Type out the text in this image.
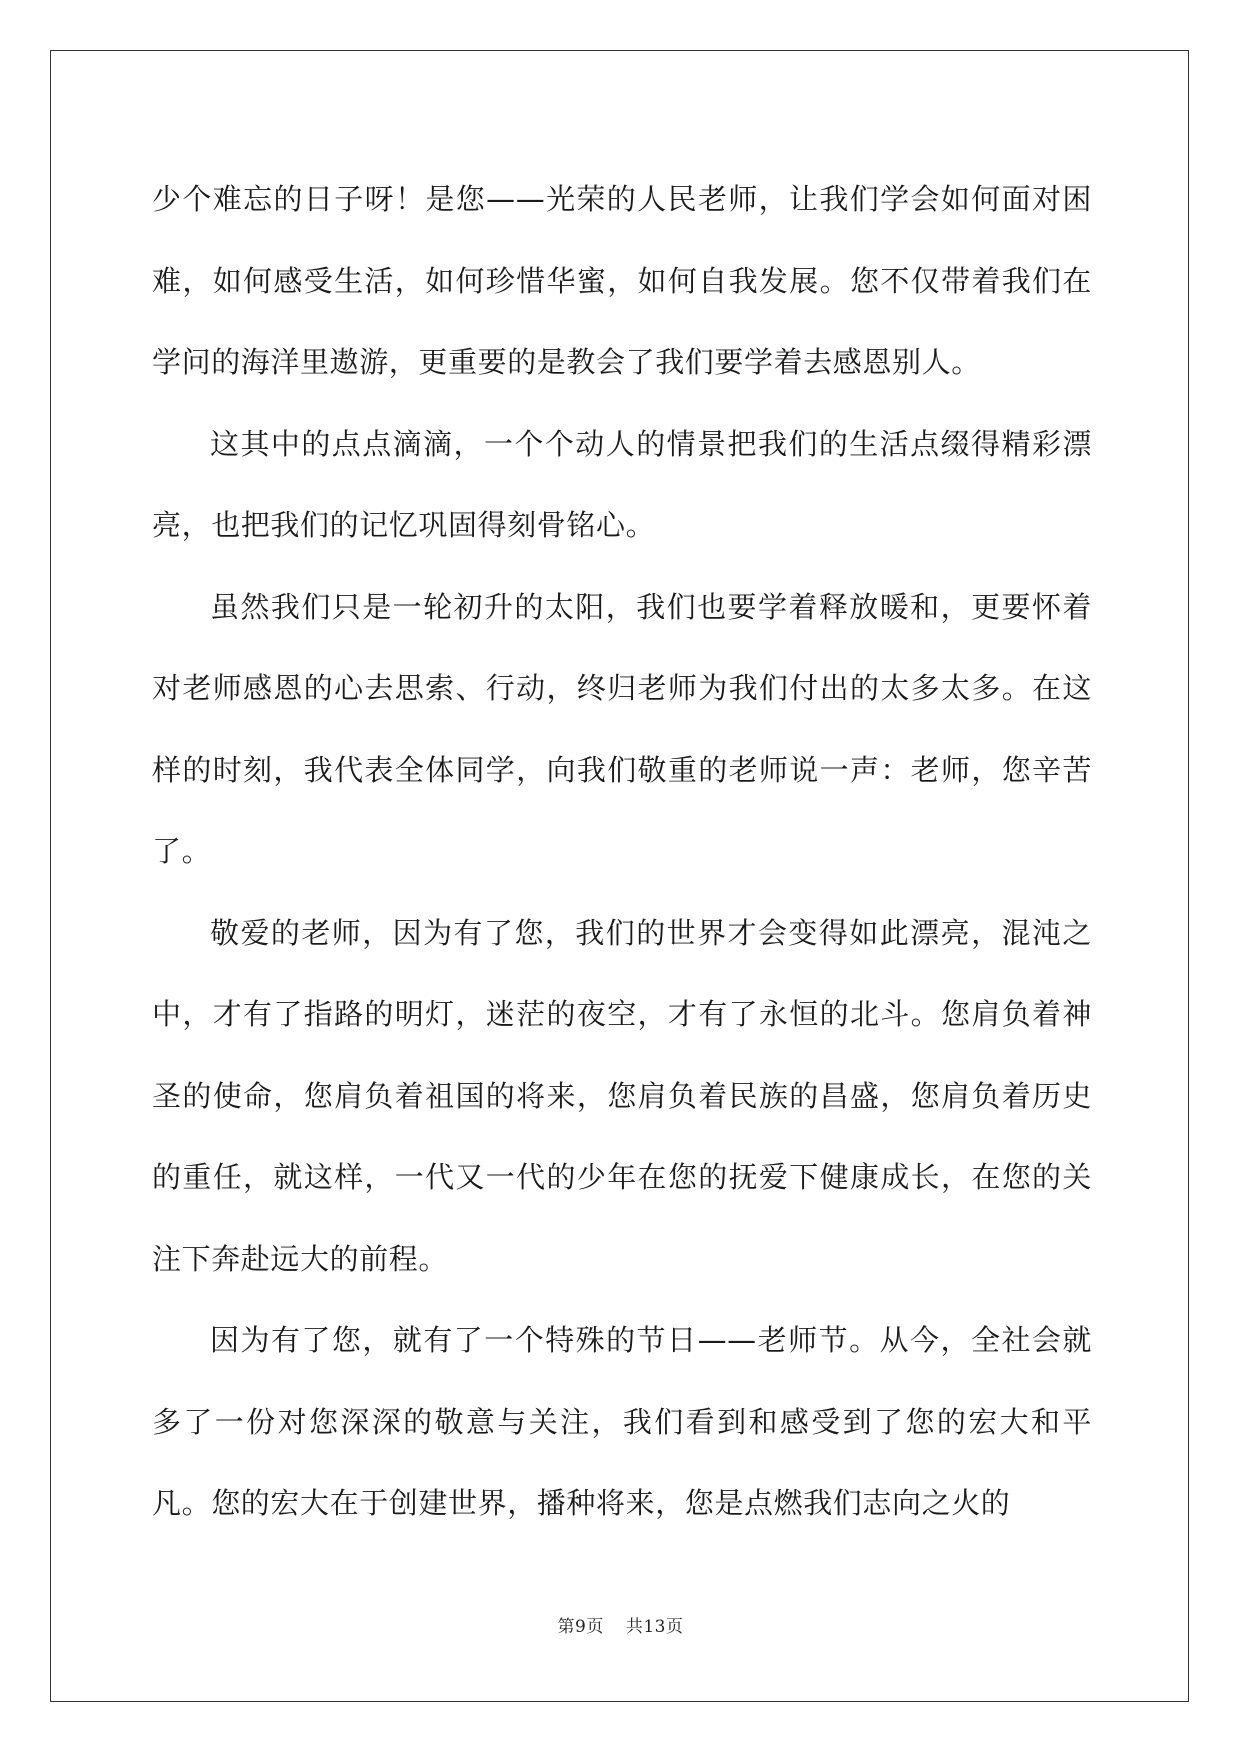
少个难忘的日子呀！是您——光荣的人民老师，让我们学会如何面对困难，如何感受生活，如何珍惜华蜜，如何自我发展。您不仅带着我们在学问的海洋里遨游，更重要的是教会了我们要学着去感恩别人。

这其中的点点滴滴，一个个动人的情景把我们的生活点缀得精彩漂亮，也把我们的记忆巩固得刻骨铭心。

虽然我们只是一轮初升的太阳，我们也要学着释放暖和，更要怀着对老师感恩的心去思索、行动，终归老师为我们付出的太多太多。在这样的时刻，我代表全体同学，向我们敬重的老师说一声：老师，您辛苦了。

敬爱的老师，因为有了您，我们的世界才会变得如此漂亮，混沌之中，才有了指路的明灯，迷茫的夜空，才有了永恒的北斗。您肩负着神圣的使命，您肩负着祖国的将来，您肩负着民族的昌盛，您肩负着历史的重任，就这样，一代又一代的少年在您的抚爱下健康成长，在您的关注下奔赴远大的前程。

因为有了您，就有了一个特殊的节日——老师节。从今，全社会就多了一份对您深深的敬意与关注，我们看到和感受到了您的宏大和平凡。您的宏大在于创建世界，播种将来，您是点燃我们志向之火的

第9页 共13页
